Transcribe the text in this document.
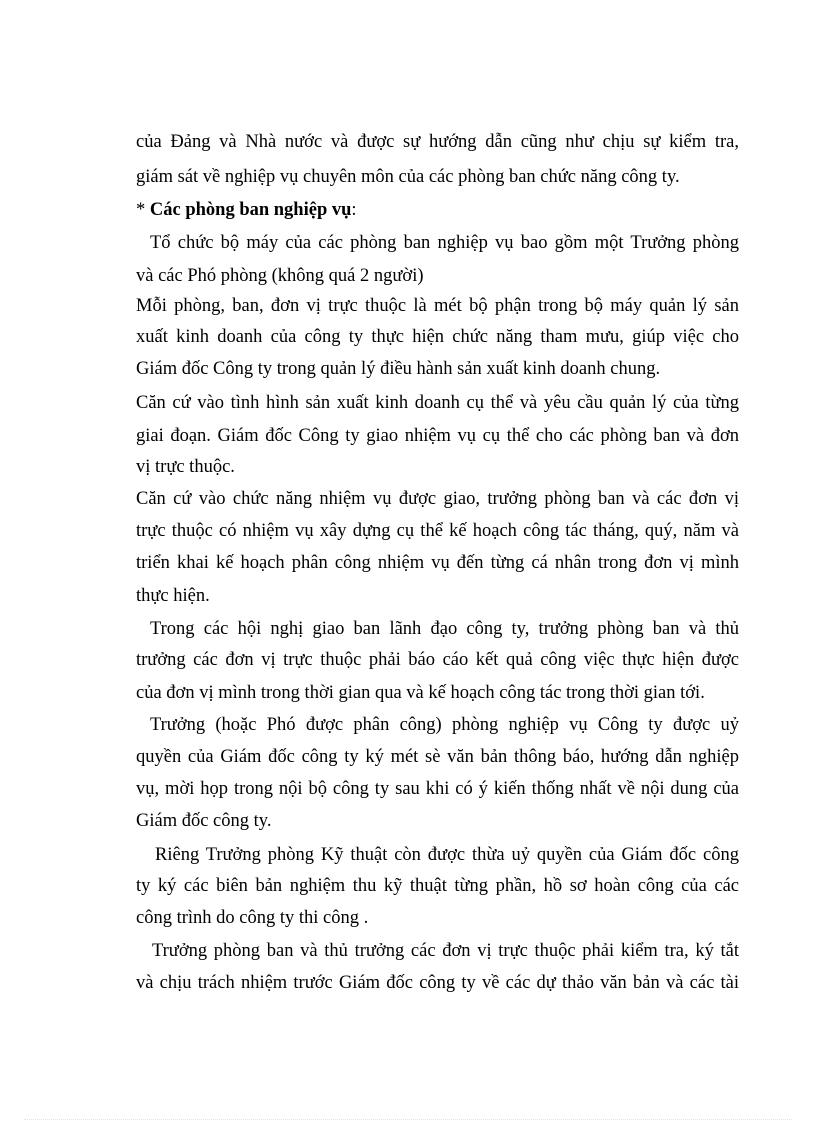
của Đảng và Nhà nước và được sự hướng dẫn cũng như chịu sự kiểm tra,
giám sát về nghiệp vụ chuyên môn của các phòng ban chức năng công ty.
* Các phòng ban nghiệp vụ:
Tổ chức bộ máy của các phòng ban nghiệp vụ bao gồm một Trưởng phòng
và các Phó phòng (không quá 2 người)
Mỗi phòng, ban, đơn vị trực thuộc là mét bộ phận trong bộ máy quản lý sản
xuất kinh doanh của công ty thực hiện chức năng tham mưu, giúp việc cho
Giám đốc Công ty trong quản lý điều hành sản xuất kinh doanh chung.
Căn cứ vào tình hình sản xuất kinh doanh cụ thể và yêu cầu quản lý của từng
giai đoạn. Giám đốc Công ty giao nhiệm vụ cụ thể cho các phòng ban và đơn
vị trực thuộc.
Căn cứ vào chức năng nhiệm vụ được giao, trưởng phòng ban và các đơn vị
trực thuộc có nhiệm vụ xây dựng cụ thể kế hoạch công tác tháng, quý, năm và
triển khai kế hoạch phân công nhiệm vụ đến từng cá nhân trong đơn vị mình
thực hiện.
Trong các hội nghị giao ban lãnh đạo công ty, trưởng phòng ban và thủ
trưởng các đơn vị trực thuộc phải báo cáo kết quả công việc thực hiện được
của đơn vị mình trong thời gian qua và kế hoạch công tác trong thời gian tới.
Trưởng (hoặc Phó được phân công) phòng nghiệp vụ Công ty được uỷ
quyền của Giám đốc công ty ký mét sè văn bản thông báo, hướng dẫn nghiệp
vụ, mời họp trong nội bộ công ty sau khi có ý kiến thống nhất về nội dung của
Giám đốc công ty.
Riêng Trưởng phòng Kỹ thuật còn được thừa uỷ quyền của Giám đốc công
ty ký các biên bản nghiệm thu kỹ thuật từng phần, hồ sơ hoàn công của các
công trình do công ty thi công .
Trưởng phòng ban và thủ trưởng các đơn vị trực thuộc phải kiểm tra, ký tắt
và chịu trách nhiệm trước Giám đốc công ty về các dự thảo văn bản và các tài
